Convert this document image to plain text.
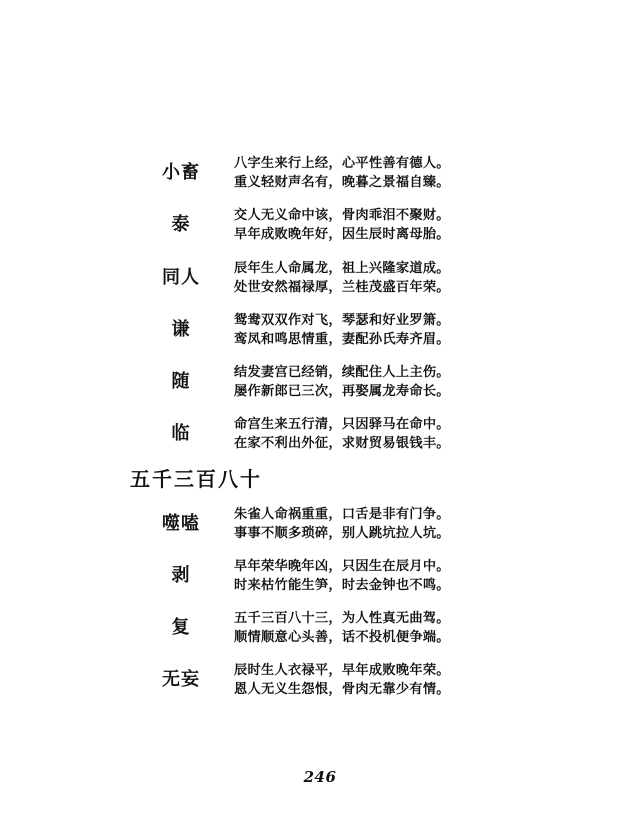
小畜	八字生来行上经，心平性善有德人。
重义轻财声名有，晚暮之景福自臻。
泰	交人无义命中该，骨肉乖泪不聚财。
早年成败晚年好，因生辰时离母胎。
同人	辰年生人命属龙，祖上兴隆家道成。
处世安然福禄厚，兰桂茂盛百年荣。
谦	鸳鸯双双作对飞，琴瑟和好业罗箫。
鸾凤和鸣思情重，妻配孙氏寿齐眉。
随	结发妻宫已经销，续配住人上主伤。
屡作新郎已三次，再娶属龙寿命长。
临	命宫生来五行清，只因驿马在命中。
在家不利出外征，求财贸易银钱丰。
五千三百八十
噬嗑	朱雀人命祸重重，口舌是非有门争。
事事不顺多琐碎，别人跳坑拉人坑。
剥	早年荣华晚年凶，只因生在辰月中。
时来枯竹能生笋，时去金钟也不鸣。
复	五千三百八十三，为人性真无曲驾。
顺情顺意心头善，话不投机便争端。
无妄	辰时生人衣禄平，早年成败晚年荣。
恩人无义生怨恨，骨肉无靠少有情。
246
